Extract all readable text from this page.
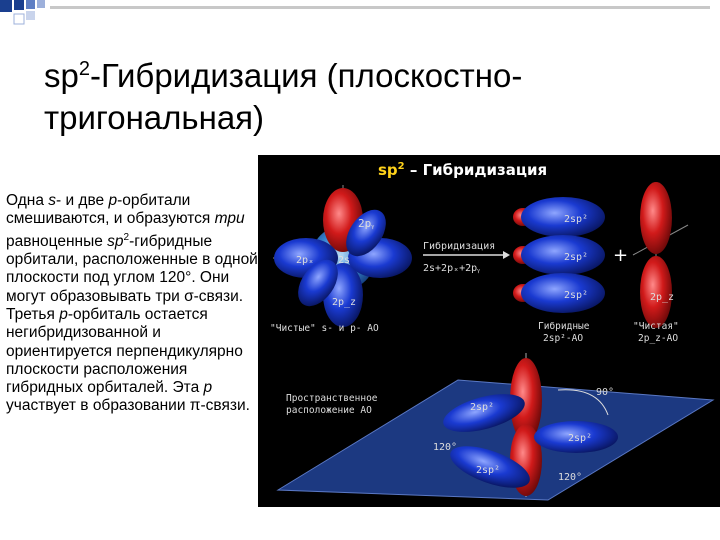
$sp^2$-Гибридизация (плоскостно-тригональная)
Одна s- и две p-орбитали смешиваются, и образуются три равноценные $sp^2$-гибридные орбитали, расположенные в одной плоскости под углом 120°. Они могут образовывать три σ-связи. Третья p-орбиталь остается негибридизованной и ориентируется перпендикулярно плоскости расположения гибридных орбиталей. Эта p участвует в образовании π-связи.
$sp^2$ – Гибридизация
2pᵧ
2pₓ 2s
2p_z
"Чистые" s- и p- АО
Гибридизация
2s+2pₓ+2pᵧ
2sp²
2sp²
2sp²
+
Гибридные
2sp²-АО
2p_z
"Чистая"
2p_z-АО
2sp²
2sp²
2sp²
90°
120°
120°
Пространственное
расположение АО
